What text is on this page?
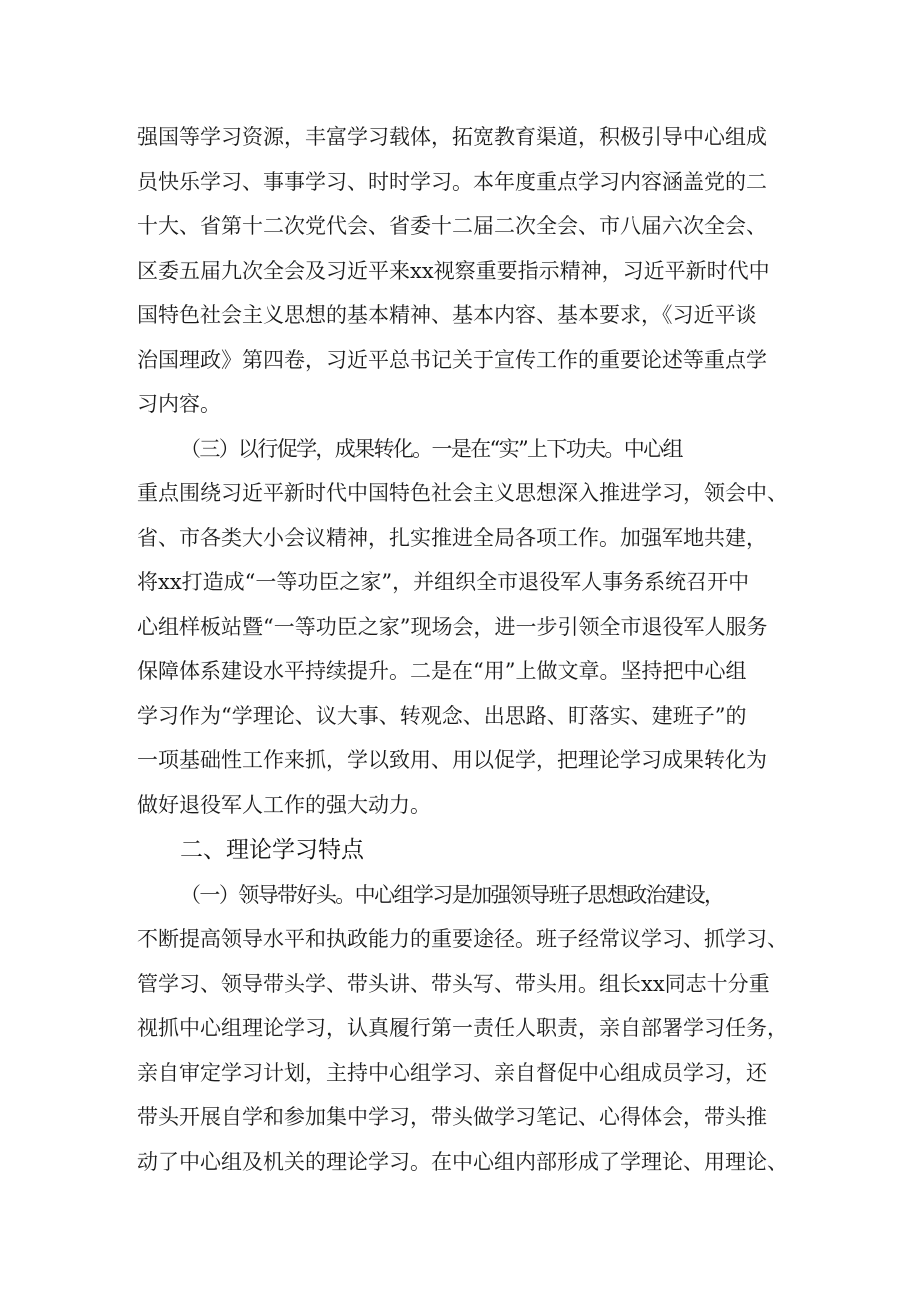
强国等学习资源，丰富学习载体，拓宽教育渠道，积极引导中心组成
员快乐学习、事事学习、时时学习。本年度重点学习内容涵盖党的二
十大、省第十二次党代会、省委十二届二次全会、市八届六次全会、
区委五届九次全会及习近平来xx视察重要指示精神，习近平新时代中
国特色社会主义思想的基本精神、基本内容、基本要求，《习近平谈
治国理政》第四卷，习近平总书记关于宣传工作的重要论述等重点学
习内容。
（三）以行促学，成果转化。一是在“实”上下功夫。中心组
重点围绕习近平新时代中国特色社会主义思想深入推进学习，领会中、
省、市各类大小会议精神，扎实推进全局各项工作。加强军地共建，
将xx打造成“一等功臣之家”，并组织全市退役军人事务系统召开中
心组样板站暨“一等功臣之家”现场会，进一步引领全市退役军人服务
保障体系建设水平持续提升。二是在“用”上做文章。坚持把中心组
学习作为“学理论、议大事、转观念、出思路、盯落实、建班子”的
一项基础性工作来抓，学以致用、用以促学，把理论学习成果转化为
做好退役军人工作的强大动力。
二、理论学习特点
（一）领导带好头。中心组学习是加强领导班子思想政治建设，
不断提高领导水平和执政能力的重要途径。班子经常议学习、抓学习、
管学习、领导带头学、带头讲、带头写、带头用。组长xx同志十分重
视抓中心组理论学习，认真履行第一责任人职责，亲自部署学习任务，
亲自审定学习计划，主持中心组学习、亲自督促中心组成员学习，还
带头开展自学和参加集中学习，带头做学习笔记、心得体会，带头推
动了中心组及机关的理论学习。在中心组内部形成了学理论、用理论、
